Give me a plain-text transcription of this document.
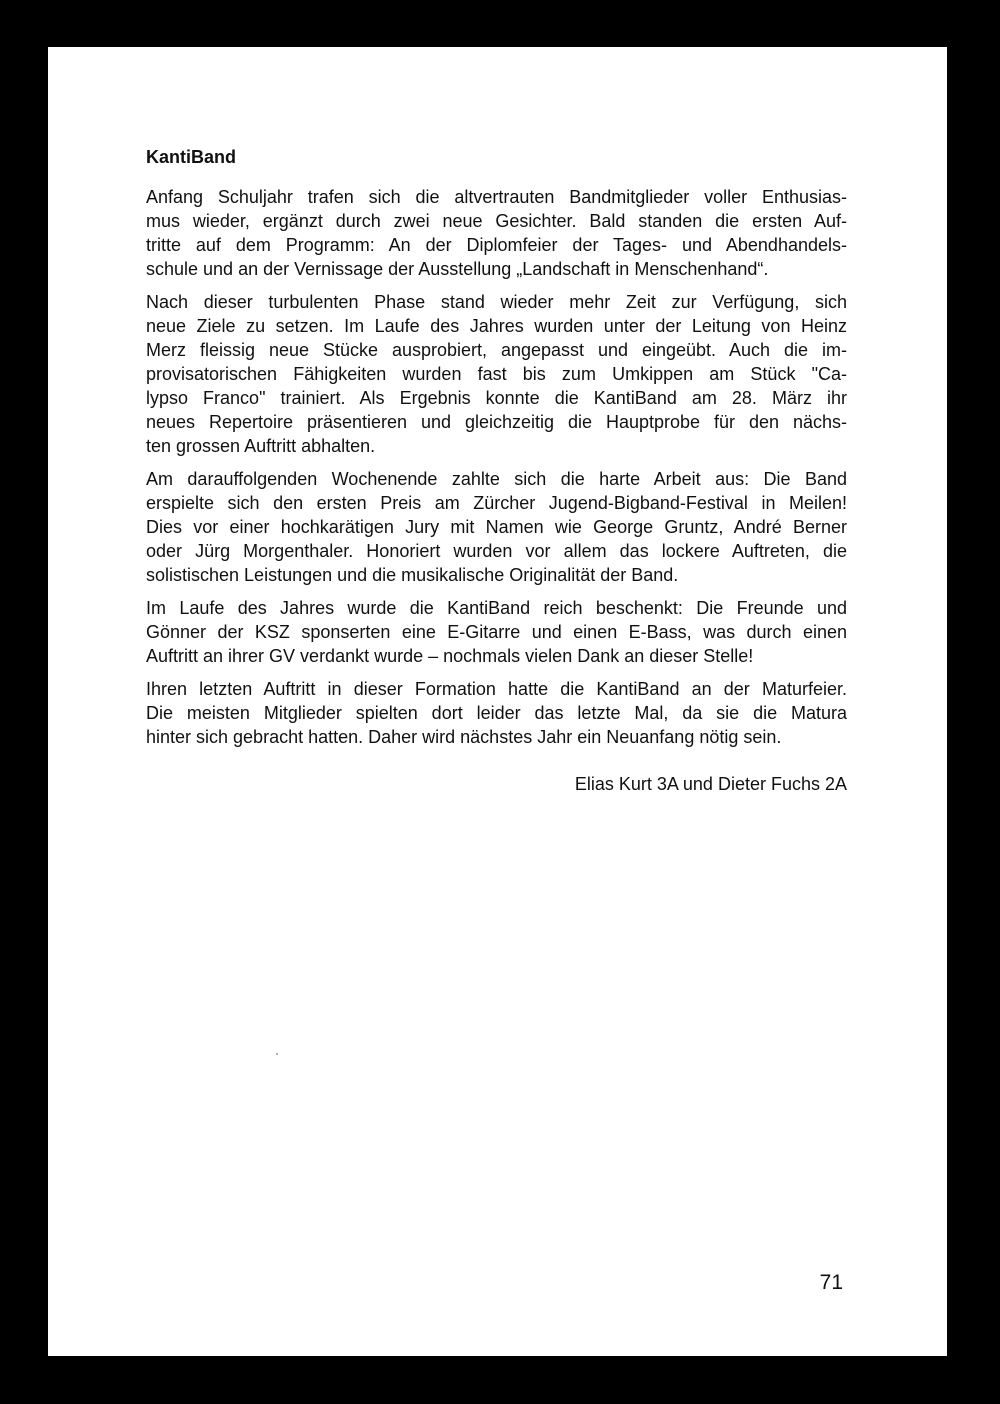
KantiBand
Anfang Schuljahr trafen sich die altvertrauten Bandmitglieder voller Enthusias-
mus wieder, ergänzt durch zwei neue Gesichter. Bald standen die ersten Auf-
tritte auf dem Programm: An der Diplomfeier der Tages- und Abendhandels-
schule und an der Vernissage der Ausstellung „Landschaft in Menschenhand“.
Nach dieser turbulenten Phase stand wieder mehr Zeit zur Verfügung, sich
neue Ziele zu setzen. Im Laufe des Jahres wurden unter der Leitung von Heinz
Merz fleissig neue Stücke ausprobiert, angepasst und eingeübt. Auch die im-
provisatorischen Fähigkeiten wurden fast bis zum Umkippen am Stück "Ca-
lypso Franco" trainiert. Als Ergebnis konnte die KantiBand am 28. März ihr
neues Repertoire präsentieren und gleichzeitig die Hauptprobe für den nächs-
ten grossen Auftritt abhalten.
Am darauffolgenden Wochenende zahlte sich die harte Arbeit aus: Die Band
erspielte sich den ersten Preis am Zürcher Jugend-Bigband-Festival in Meilen!
Dies vor einer hochkarätigen Jury mit Namen wie George Gruntz, André Berner
oder Jürg Morgenthaler. Honoriert wurden vor allem das lockere Auftreten, die
solistischen Leistungen und die musikalische Originalität der Band.
Im Laufe des Jahres wurde die KantiBand reich beschenkt: Die Freunde und
Gönner der KSZ sponserten eine E-Gitarre und einen E-Bass, was durch einen
Auftritt an ihrer GV verdankt wurde – nochmals vielen Dank an dieser Stelle!
Ihren letzten Auftritt in dieser Formation hatte die KantiBand an der Maturfeier.
Die meisten Mitglieder spielten dort leider das letzte Mal, da sie die Matura
hinter sich gebracht hatten. Daher wird nächstes Jahr ein Neuanfang nötig sein.
Elias Kurt 3A und Dieter Fuchs 2A
71
